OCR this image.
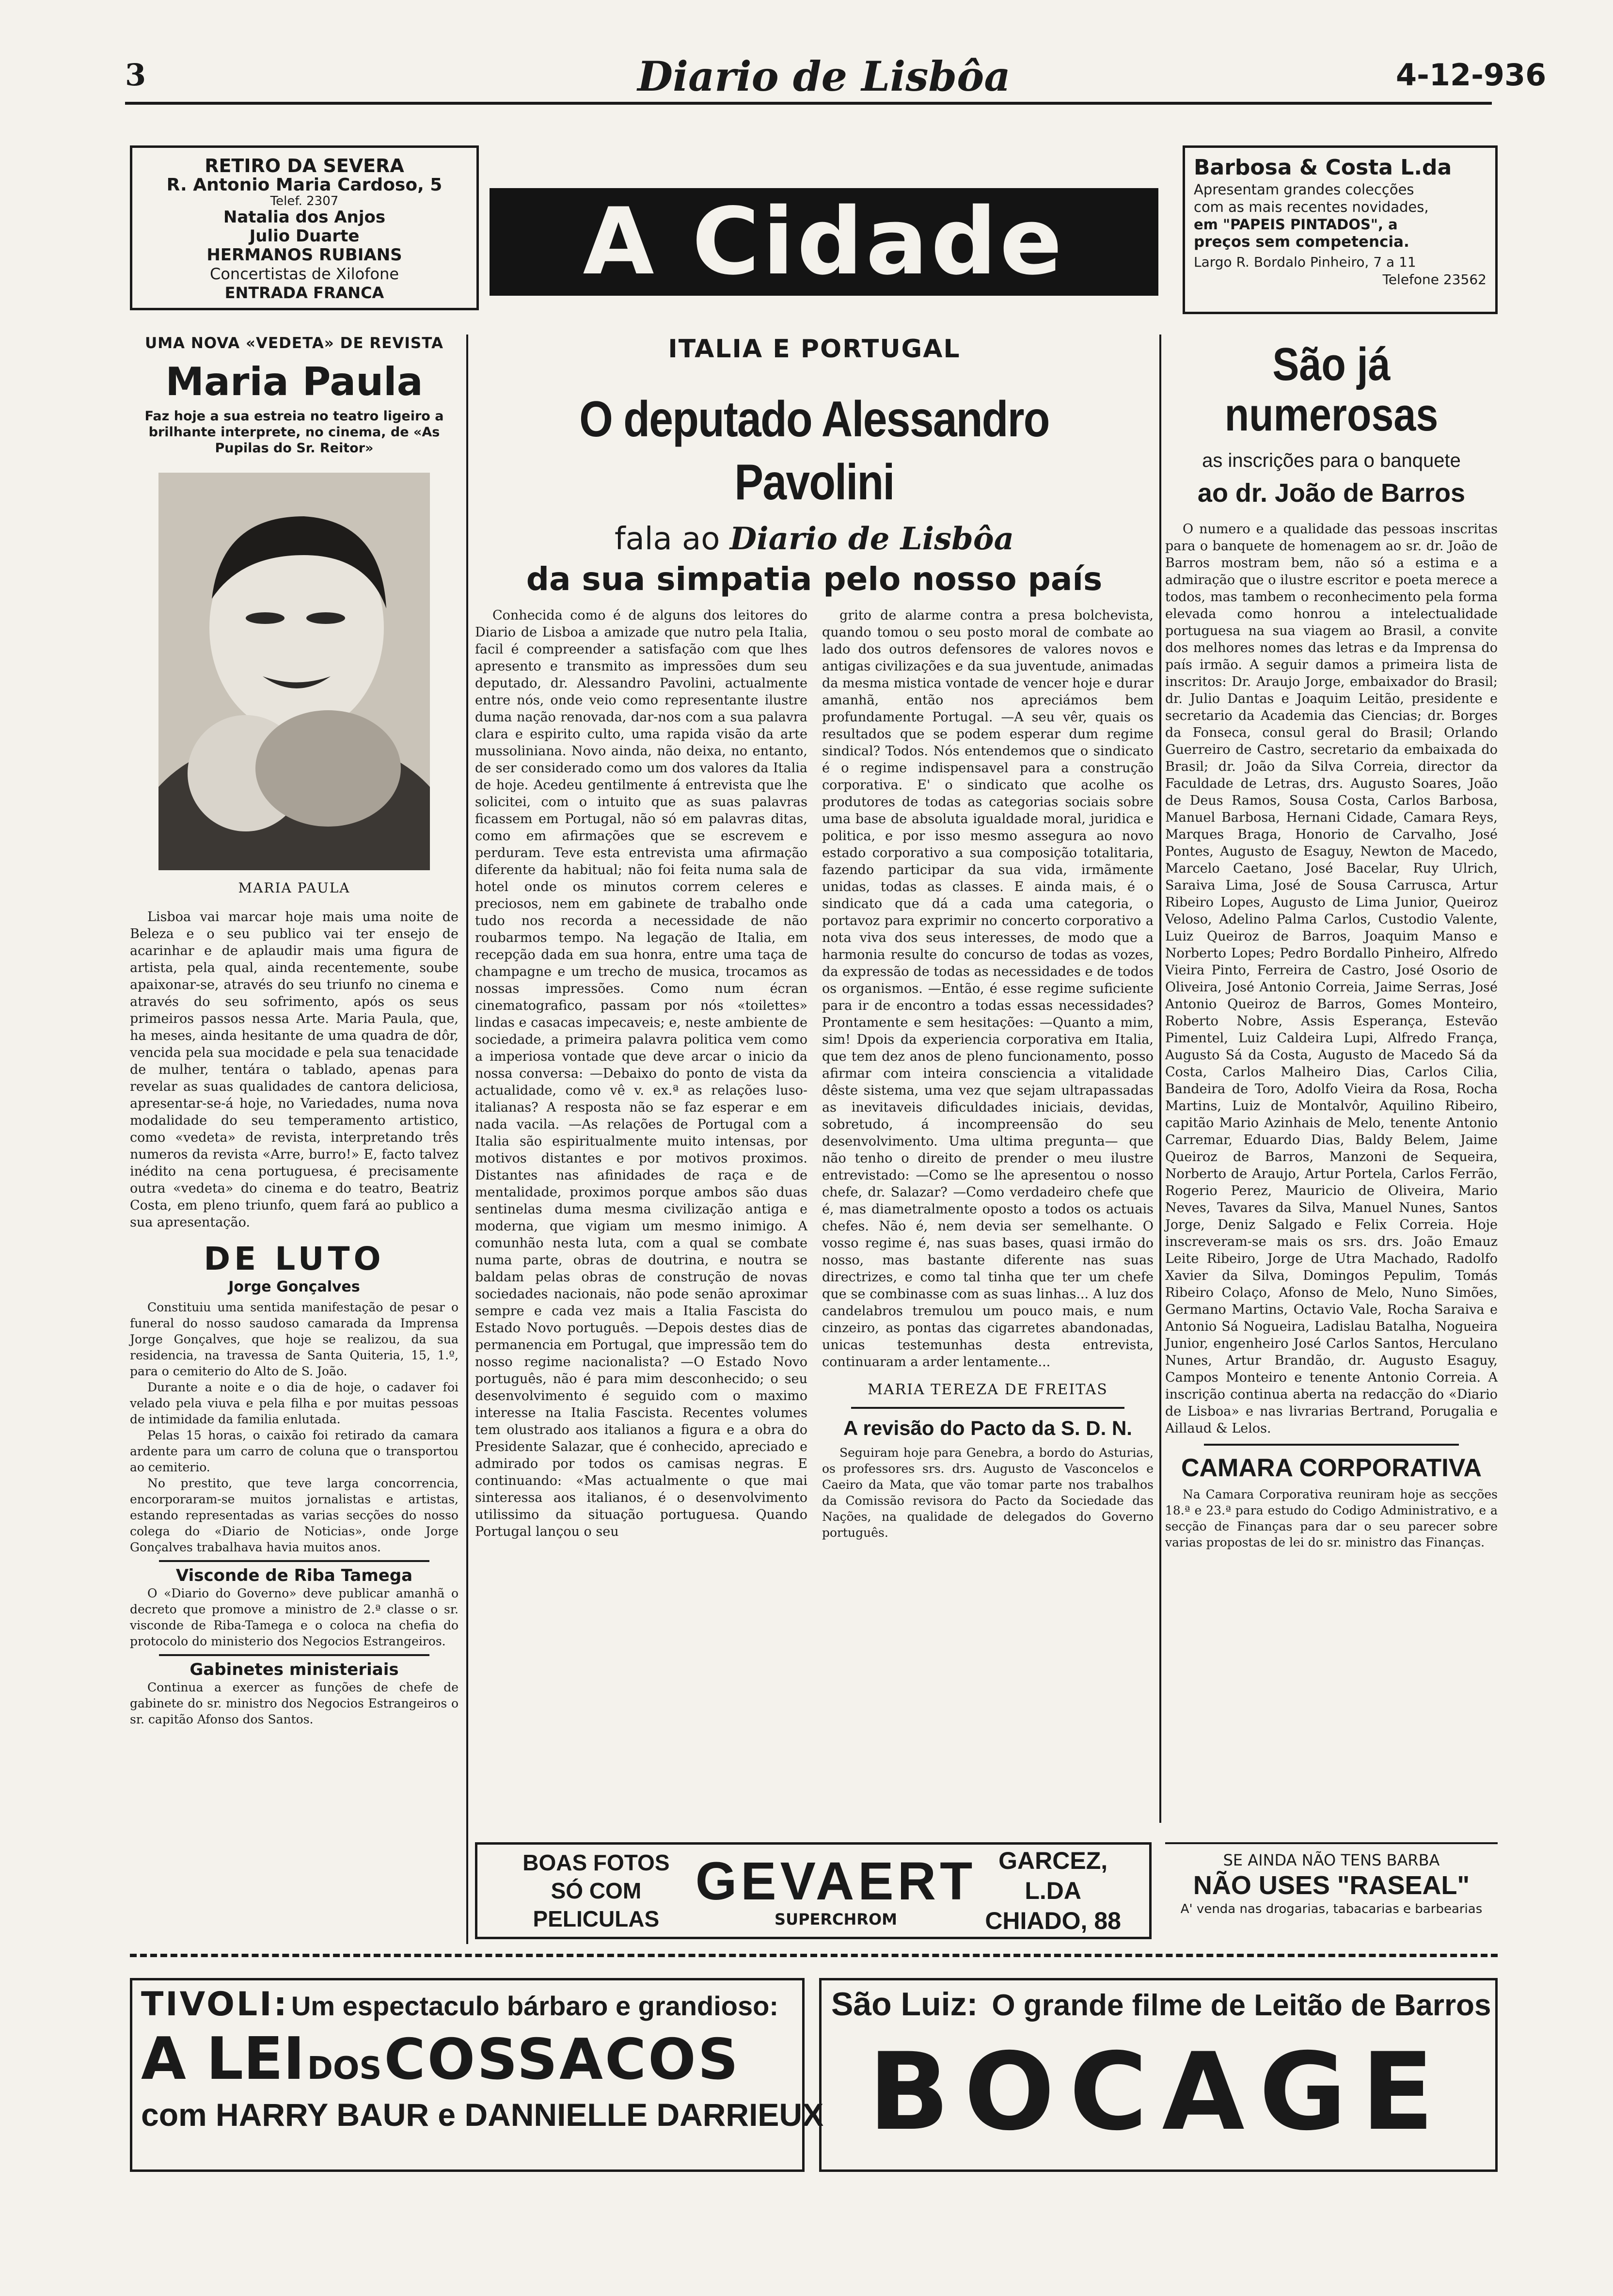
3	Diario de Lisbôa	4-12-936
RETIRO DA SEVERA
R. Antonio Maria Cardoso, 5
Telef. 2307
Natalia dos Anjos
Julio Duarte
HERMANOS RUBIANS
Concertistas de Xilofone
ENTRADA FRANCA	A Cidade
Barbosa & Costa L.da
Apresentam grandes colecções
com as mais recentes novidades,
em "PAPEIS PINTADOS", a
preços sem competencia.
Largo R. Bordalo Pinheiro, 7 a 11
Telefone 23562
UMA NOVA «VEDETA» DE REVISTA
Maria Paula
Faz hoje a sua estreia no teatro ligeiro a brilhante interprete, no cinema, de «As Pupilas do Sr. Reitor»
MARIA PAULA

Lisboa vai marcar hoje mais uma noite de Beleza e o seu publico vai ter ensejo de acarinhar e de aplaudir mais uma figura de artista, pela qual, ainda recentemente, soube apaixonar-se, através do seu triunfo no cinema e através do seu sofrimento, após os seus primeiros passos nessa Arte. Maria Paula, que, ha meses, ainda hesitante de uma quadra de dôr, vencida pela sua mocidade e pela sua tenacidade de mulher, tentára o tablado, apenas para revelar as suas qualidades de cantora deliciosa, apresentar-se-á hoje, no Variedades, numa nova modalidade do seu temperamento artistico, como «vedeta» de revista, interpretando três numeros da revista «Arre, burro!» E, facto talvez inédito na cena portuguesa, é precisamente outra «vedeta» do cinema e do teatro, Beatriz Costa, em pleno triunfo, quem fará ao publico a sua apresentação.

DE LUTO
Jorge Gonçalves

Constituiu uma sentida manifestação de pesar o funeral do nosso saudoso camarada da Imprensa Jorge Gonçalves, que hoje se realizou, da sua residencia, na travessa de Santa Quiteria, 15, 1.º, para o cemiterio do Alto de S. João.

Durante a noite e o dia de hoje, o cadaver foi velado pela viuva e pela filha e por muitas pessoas de intimidade da familia enlutada.

Pelas 15 horas, o caixão foi retirado da camara ardente para um carro de coluna que o transportou ao cemiterio.

No prestito, que teve larga concorrencia, encorporaram-se muitos jornalistas e artistas, estando representadas as varias secções do nosso colega do «Diario de Noticias», onde Jorge Gonçalves trabalhava havia muitos anos.

Visconde de Riba Tamega

O «Diario do Governo» deve publicar amanhã o decreto que promove a ministro de 2.ª classe o sr. visconde de Riba-Tamega e o coloca na chefia do protocolo do ministerio dos Negocios Estrangeiros.

Gabinetes ministeriais

Continua a exercer as funções de chefe de gabinete do sr. ministro dos Negocios Estrangeiros o sr. capitão Afonso dos Santos.

ITALIA E PORTUGAL
O deputado Alessandro Pavolini
fala ao Diario de Lisbôa
da sua simpatia pelo nosso país

Conhecida como é de alguns dos leitores do Diario de Lisboa a amizade que nutro pela Italia, facil é compreender a satisfação com que lhes apresento e transmito as impressões dum seu deputado, dr. Alessandro Pavolini, actualmente entre nós, onde veio como representante ilustre duma nação renovada, dar-nos com a sua palavra clara e espirito culto, uma rapida visão da arte mussoliniana. Novo ainda, não deixa, no entanto, de ser considerado como um dos valores da Italia de hoje. Acedeu gentilmente á entrevista que lhe solicitei, com o intuito que as suas palavras ficassem em Portugal, não só em palavras ditas, como em afirmações que se escrevem e perduram. Teve esta entrevista uma afirmação diferente da habitual; não foi feita numa sala de hotel onde os minutos correm celeres e preciosos, nem em gabinete de trabalho onde tudo nos recorda a necessidade de não roubarmos tempo. Na legação de Italia, em recepção dada em sua honra, entre uma taça de champagne e um trecho de musica, trocamos as nossas impressões. Como num écran cinematografico, passam por nós «toilettes» lindas e casacas impecaveis; e, neste ambiente de sociedade, a primeira palavra politica vem como a imperiosa vontade que deve arcar o inicio da nossa conversa: —Debaixo do ponto de vista da actualidade, como vê v. ex.ª as relações luso-italianas? A resposta não se faz esperar e em nada vacila. —As relações de Portugal com a Italia são espiritualmente muito intensas, por motivos distantes e por motivos proximos. Distantes nas afinidades de raça e de mentalidade, proximos porque ambos são duas sentinelas duma mesma civilização antiga e moderna, que vigiam um mesmo inimigo. A comunhão nesta luta, com a qual se combate numa parte, obras de doutrina, e noutra se baldam pelas obras de construção de novas sociedades nacionais, não pode senão aproximar sempre e cada vez mais a Italia Fascista do Estado Novo português. —Depois destes dias de permanencia em Portugal, que impressão tem do nosso regime nacionalista? —O Estado Novo português, não é para mim desconhecido; o seu desenvolvimento é seguido com o maximo interesse na Italia Fascista. Recentes volumes tem olustrado aos italianos a figura e a obra do Presidente Salazar, que é conhecido, apreciado e admirado por todos os camisas negras. E continuando: «Mas actualmente o que mai sinteressa aos italianos, é o desenvolvimento utilissimo da situação portuguesa. Quando Portugal lançou o seu

grito de alarme contra a presa bolchevista, quando tomou o seu posto moral de combate ao lado dos outros defensores de valores novos e antigas civilizações e da sua juventude, animadas da mesma mistica vontade de vencer hoje e durar amanhã, então nos apreciámos bem profundamente Portugal. —A seu vêr, quais os resultados que se podem esperar dum regime sindical? Todos. Nós entendemos que o sindicato é o regime indispensavel para a construção corporativa. E' o sindicato que acolhe os produtores de todas as categorias sociais sobre uma base de absoluta igualdade moral, juridica e politica, e por isso mesmo assegura ao novo estado corporativo a sua composição totalitaria, fazendo participar da sua vida, irmãmente unidas, todas as classes. E ainda mais, é o sindicato que dá a cada uma categoria, o portavoz para exprimir no concerto corporativo a nota viva dos seus interesses, de modo que a harmonia resulte do concurso de todas as vozes, da expressão de todas as necessidades e de todos os organismos. —Então, é esse regime suficiente para ir de encontro a todas essas necessidades? Prontamente e sem hesitações: —Quanto a mim, sim! Dpois da experiencia corporativa em Italia, que tem dez anos de pleno funcionamento, posso afirmar com inteira consciencia a vitalidade dêste sistema, uma vez que sejam ultrapassadas as inevitaveis dificuldades iniciais, devidas, sobretudo, á incompreensão do seu desenvolvimento. Uma ultima pregunta— que não tenho o direito de prender o meu ilustre entrevistado: —Como se lhe apresentou o nosso chefe, dr. Salazar? —Como verdadeiro chefe que é, mas diametralmente oposto a todos os actuais chefes. Não é, nem devia ser semelhante. O vosso regime é, nas suas bases, quasi irmão do nosso, mas bastante diferente nas suas directrizes, e como tal tinha que ter um chefe que se combinasse com as suas linhas... A luz dos candelabros tremulou um pouco mais, e num cinzeiro, as pontas das cigarretes abandonadas, unicas testemunhas desta entrevista, continuaram a arder lentamente...

MARIA TEREZA DE FREITAS
A revisão do Pacto da S. D. N.

Seguiram hoje para Genebra, a bordo do Asturias, os professores srs. drs. Augusto de Vasconcelos e Caeiro da Mata, que vão tomar parte nos trabalhos da Comissão revisora do Pacto da Sociedade das Nações, na qualidade de delegados do Governo português.

São já numerosas
as inscrições para o banquete
ao dr. João de Barros

O numero e a qualidade das pessoas inscritas para o banquete de homenagem ao sr. dr. João de Barros mostram bem, não só a estima e a admiração que o ilustre escritor e poeta merece a todos, mas tambem o reconhecimento pela forma elevada como honrou a intelectualidade portuguesa na sua viagem ao Brasil, a convite dos melhores nomes das letras e da Imprensa do país irmão. A seguir damos a primeira lista de inscritos: Dr. Araujo Jorge, embaixador do Brasil; dr. Julio Dantas e Joaquim Leitão, presidente e secretario da Academia das Ciencias; dr. Borges da Fonseca, consul geral do Brasil; Orlando Guerreiro de Castro, secretario da embaixada do Brasil; dr. João da Silva Correia, director da Faculdade de Letras, drs. Augusto Soares, João de Deus Ramos, Sousa Costa, Carlos Barbosa, Manuel Barbosa, Hernani Cidade, Camara Reys, Marques Braga, Honorio de Carvalho, José Pontes, Augusto de Esaguy, Newton de Macedo, Marcelo Caetano, José Bacelar, Ruy Ulrich, Saraiva Lima, José de Sousa Carrusca, Artur Ribeiro Lopes, Augusto de Lima Junior, Queiroz Veloso, Adelino Palma Carlos, Custodio Valente, Luiz Queiroz de Barros, Joaquim Manso e Norberto Lopes; Pedro Bordallo Pinheiro, Alfredo Vieira Pinto, Ferreira de Castro, José Osorio de Oliveira, José Antonio Correia, Jaime Serras, José Antonio Queiroz de Barros, Gomes Monteiro, Roberto Nobre, Assis Esperança, Estevão Pimentel, Luiz Caldeira Lupi, Alfredo França, Augusto Sá da Costa, Augusto de Macedo Sá da Costa, Carlos Malheiro Dias, Carlos Cilia, Bandeira de Toro, Adolfo Vieira da Rosa, Rocha Martins, Luiz de Montalvôr, Aquilino Ribeiro, capitão Mario Azinhais de Melo, tenente Antonio Carremar, Eduardo Dias, Baldy Belem, Jaime Queiroz de Barros, Manzoni de Sequeira, Norberto de Araujo, Artur Portela, Carlos Ferrão, Rogerio Perez, Mauricio de Oliveira, Mario Neves, Tavares da Silva, Manuel Nunes, Santos Jorge, Deniz Salgado e Felix Correia. Hoje inscreveram-se mais os srs. drs. João Emauz Leite Ribeiro, Jorge de Utra Machado, Radolfo Xavier da Silva, Domingos Pepulim, Tomás Ribeiro Colaço, Afonso de Melo, Nuno Simões, Germano Martins, Octavio Vale, Rocha Saraiva e Antonio Sá Nogueira, Ladislau Batalha, Nogueira Junior, engenheiro José Carlos Santos, Herculano Nunes, Artur Brandão, dr. Augusto Esaguy, Campos Monteiro e tenente Antonio Correia. A inscrição continua aberta na redacção do «Diario de Lisboa» e nas livrarias Bertrand, Porugalia e Aillaud & Lelos.

CAMARA CORPORATIVA

Na Camara Corporativa reuniram hoje as secções 18.ª e 23.ª para estudo do Codigo Administrativo, e a secção de Finanças para dar o seu parecer sobre varias propostas de lei do sr. ministro das Finanças.

BOAS FOTOS
SÓ COM PELICULAS
GEVAERT
SUPERCHROM
GARCEZ, L.DA
CHIADO, 88
SE AINDA NÃO TENS BARBA
NÃO USES "RASEAL"
A' venda nas drogarias, tabacarias e barbearias
TIVOLI: Um espectaculo bárbaro e grandioso:
A LEI DOS COSSACOS
com HARRY BAUR e DANNIELLE DARRIEUX
São Luiz: O grande filme de Leitão de Barros
BOCAGE
